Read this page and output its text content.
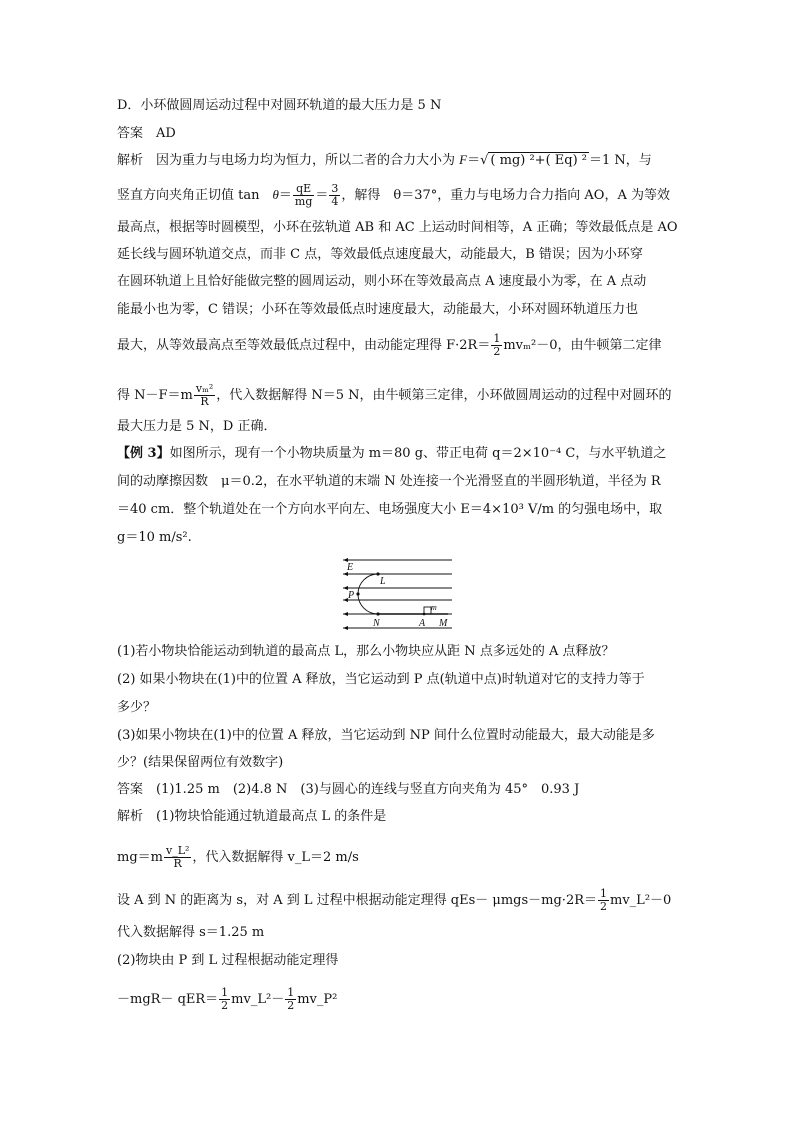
D．小环做圆周运动过程中对圆环轨道的最大压力是 5 N
答案　AD
解析　因为重力与电场力均为恒力，所以二者的合力大小为 F＝√ ( mg) ²+( Eq) ² ＝1 N，与
竖直方向夹角正切值 tan　$\theta= \frac{qE}{mg} = \frac{3}{4}$ ，解得　θ＝37°，重力与电场力合力指向 AO，A 为等效
最高点，根据等时圆模型，小环在弦轨道 AB 和 AC 上运动时间相等，A 正确；等效最低点是 AO
延长线与圆环轨道交点，而非 C 点，等效最低点速度最大，动能最大，B 错误；因为小环穿
在圆环轨道上且恰好能做完整的圆周运动，则小环在等效最高点 A 速度最小为零，在 A 点动
能最小也为零，C 错误；小环在等效最低点时速度最大，动能最大，小环对圆环轨道压力也
最大，从等效最高点至等效最低点过程中，由动能定理得 $F\cdot 2R= \frac{1}{2} mv_m^2-0$，由牛顿第二定律
得 $N-F=m \frac{\text{vₘ²}}{R}$ ，代入数据解得 N＝5 N，由牛顿第三定律，小环做圆周运动的过程中对圆环的
最大压力是 5 N，D 正确．
【例 3】如图所示，现有一个小物块质量为 m＝80 g、带正电荷 q＝2×10⁻⁴ C，与水平轨道之
间的动摩擦因数　μ＝0.2，在水平轨道的末端 N 处连接一个光滑竖直的半圆形轨道，半径为 R
＝40 cm．整个轨道处在一个方向水平向左、电场强度大小 E＝4×10³ V/m 的匀强电场中，取
g＝10 m/s².
E
L
P
N	A M
m
(1)若小物块恰能运动到轨道的最高点 L，那么小物块应从距 N 点多远处的 A 点释放？
(2) 如果小物块在(1)中的位置 A 释放，当它运动到 P 点(轨道中点)时轨道对它的支持力等于
多少？
(3)如果小物块在(1)中的位置 A 释放，当它运动到 NP 间什么位置时动能最大，最大动能是多
少？(结果保留两位有效数字)
答案　(1)1.25 m　(2)4.8 N　(3)与圆心的连线与竖直方向夹角为 45°　0.93 J
解析　(1)物块恰能通过轨道最高点 L 的条件是
$mg=m \frac{\text{v\_L²}}{R}$ ，代入数据解得 v_L＝2 m/s
设 A 到 N 的距离为 s，对 A 到 L 过程中根据动能定理得 $qEs- \mu mgs-mg\cdot 2R= \frac{1}{2}$ mv_L²－0
代入数据解得 s＝1.25 m
(2)物块由 P 到 L 过程根据动能定理得
$-mgR- qER= \frac{1}{2}$ mv_L²－ $\frac{1}{2}$ mv_P²
